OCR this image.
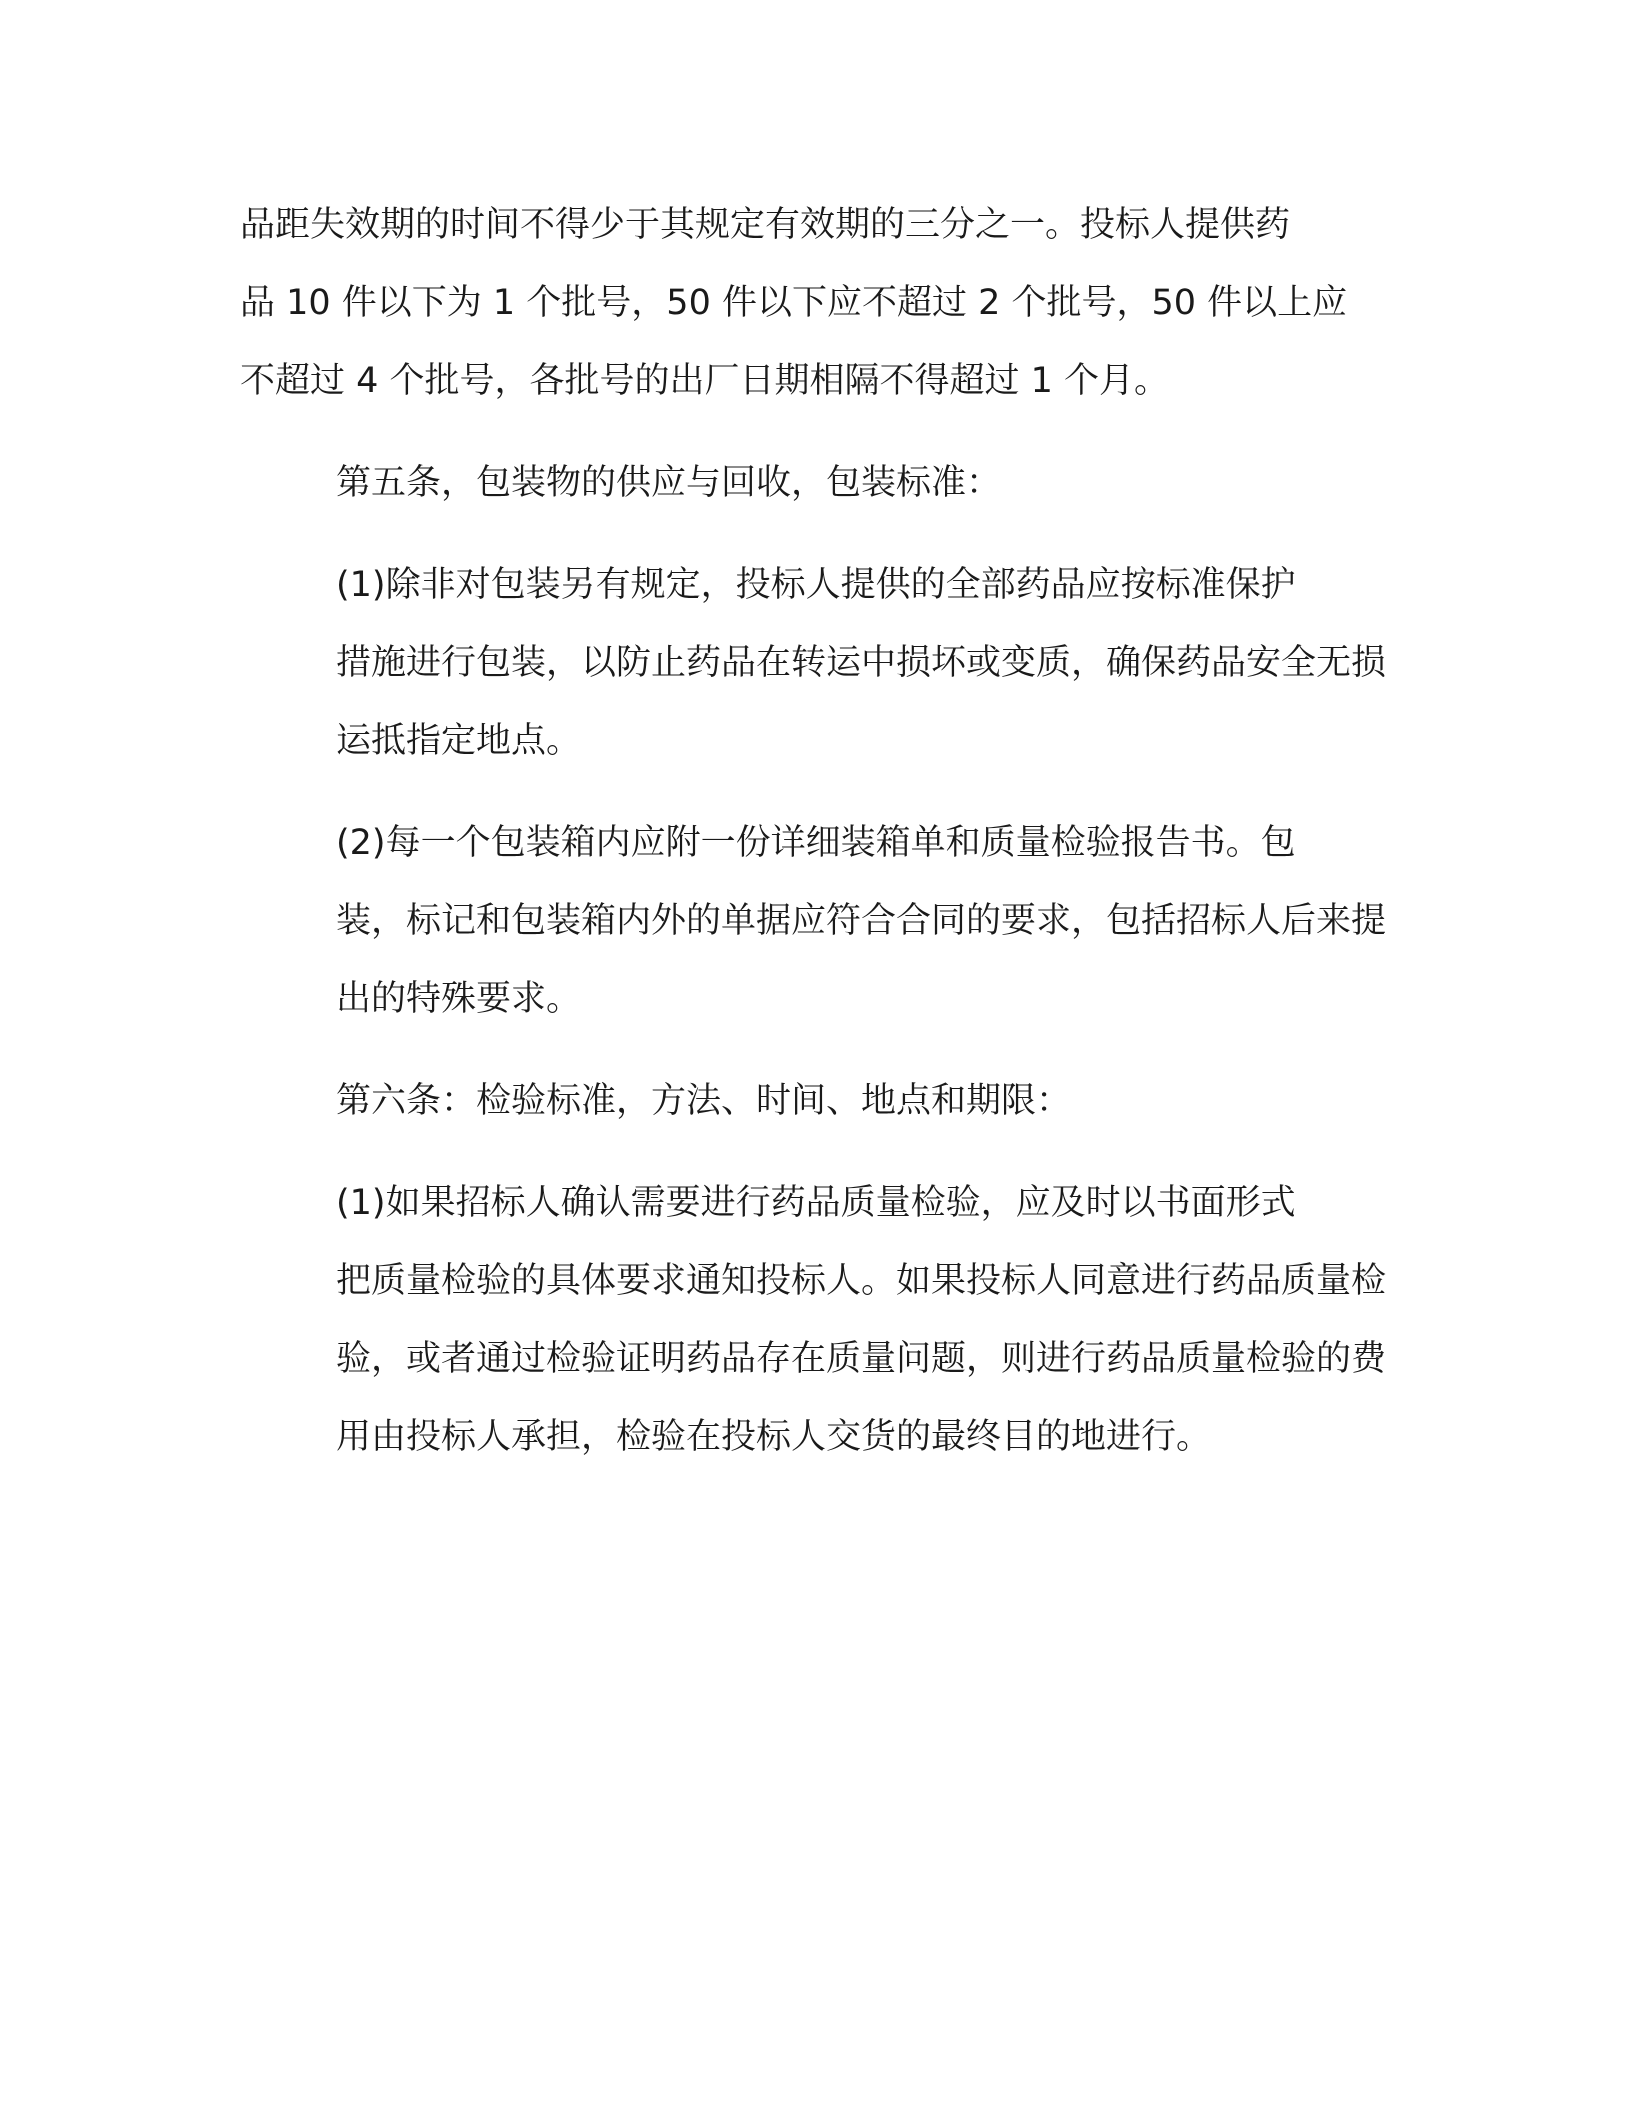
品距失效期的时间不得少于其规定有效期的三分之一。投标人提供药
品 10 件以下为 1 个批号，50 件以下应不超过 2 个批号，50 件以上应
不超过 4 个批号，各批号的出厂日期相隔不得超过 1 个月。

第五条，包装物的供应与回收，包装标准：

(1)除非对包装另有规定，投标人提供的全部药品应按标准保护
措施进行包装，以防止药品在转运中损坏或变质，确保药品安全无损
运抵指定地点。

(2)每一个包装箱内应附一份详细装箱单和质量检验报告书。包
装，标记和包装箱内外的单据应符合合同的要求，包括招标人后来提
出的特殊要求。

第六条：检验标准，方法、时间、地点和期限：

(1)如果招标人确认需要进行药品质量检验，应及时以书面形式
把质量检验的具体要求通知投标人。如果投标人同意进行药品质量检
验，或者通过检验证明药品存在质量问题，则进行药品质量检验的费
用由投标人承担，检验在投标人交货的最终目的地进行。
